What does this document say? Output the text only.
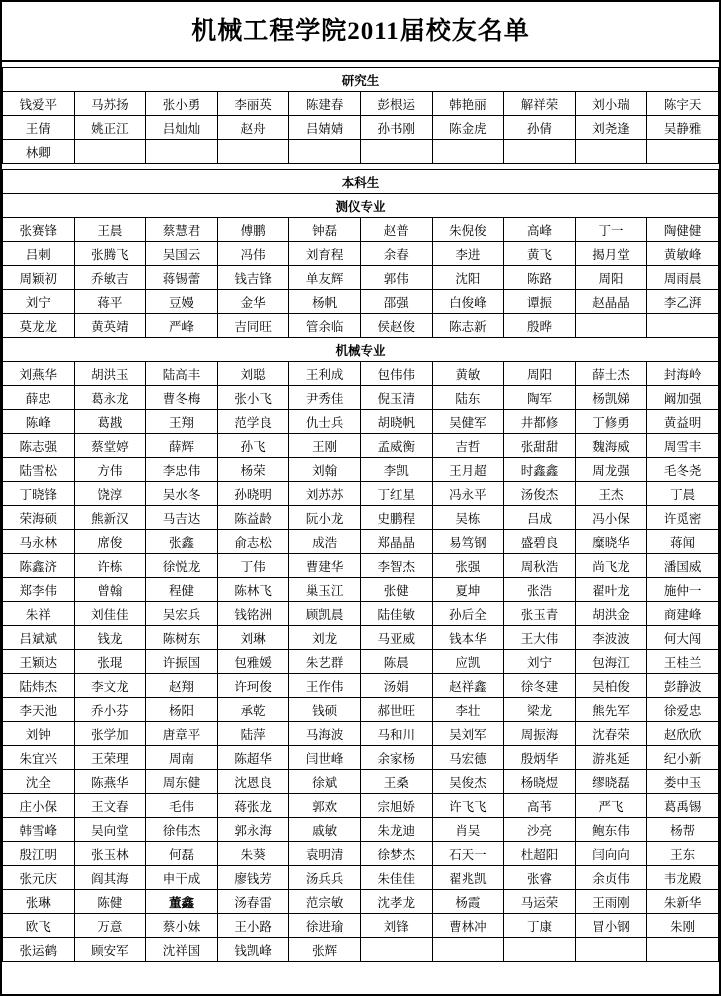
机械工程学院2011届校友名单
研究生									
钱爱平	马苏扬	张小勇	李丽英	陈建春	彭根运	韩艳丽	解祥荣	刘小瑞	陈宇天
王倩	姚正江	吕灿灿	赵舟	吕婧婧	孙书刚	陈金虎	孙倩	刘尧逢	吴静雅
林卿									
本科生									
测仪专业									
张赛锋	王晨	蔡慧君	傅鹏	钟磊	赵普	朱倪俊	高峰	丁一	陶健健
吕刺	张腾飞	吴国云	冯伟	刘育程	余春	李进	黄飞	揭月堂	黄敏峰
周颖初	乔敏吉	蒋锡蕾	钱吉锋	单友辉	郭伟	沈阳	陈路	周阳	周雨晨
刘宁	蒋平	豆嫚	金华	杨帆	邵强	白俊峰	谭振	赵晶晶	李乙湃
莫龙龙	黄英靖	严峰	吉同旺	管余临	侯赵俊	陈志新	殷晔		
机械专业									
刘燕华	胡洪玉	陆高丰	刘聪	王利成	包伟伟	黄敏	周阳	薛士杰	封海岭
薛忠	葛永龙	曹冬梅	张小飞	尹秀佳	倪玉清	陆东	陶军	杨凯娣	阚加强
陈峰	葛戡	王翔	范学良	仇士兵	胡晓帆	吴健军	井都修	丁修勇	黄益明
陈志强	蔡堂婷	薛辉	孙飞	王刚	孟威衡	吉哲	张甜甜	魏海威	周雪丰
陆雪松	方伟	李忠伟	杨荣	刘翰	李凯	王月超	时鑫鑫	周龙强	毛冬尧
丁晓锋	饶淳	吴水冬	孙晓明	刘苏苏	丁红星	冯永平	汤俊杰	王杰	丁晨
荣海硕	熊新汉	马吉达	陈益龄	阮小龙	史鹏程	吴栋	吕成	冯小保	许觅密
马永林	席俊	张鑫	俞志松	成浩	郑晶晶	易笃钢	盛碧良	糜晓华	蒋闻
陈鑫济	许栋	徐悦龙	丁伟	曹建华	李智杰	张强	周秋浩	尚飞龙	潘国威
郑李伟	曾翰	程健	陈林飞	巢玉江	张健	夏坤	张浩	翟叶龙	施仲一
朱祥	刘佳佳	吴宏兵	钱铭洲	顾凯晨	陆佳敏	孙后全	张玉青	胡洪金	商建峰
吕斌斌	钱龙	陈树东	刘琳	刘龙	马亚威	钱本华	王大伟	李波波	何大闯
王颖达	张琨	许振国	包雅媛	朱艺群	陈晨	应凯	刘宁	包海江	王桂兰
陆炜杰	李文龙	赵翔	许珂俊	王作伟	汤娟	赵祥鑫	徐冬建	吴柏俊	彭静波
李天池	乔小芬	杨阳	承乾	钱硕	郝世旺	李壮	梁龙	熊先军	徐爱忠
刘钟	张学加	唐章平	陆萍	马海波	马和川	吴刘军	周振海	沈春荣	赵欣欣
朱宜兴	王荣理	周南	陈超华	闫世峰	余家杨	马宏德	殷炳华	游兆延	纪小新
沈全	陈燕华	周东健	沈恩良	徐斌	王桑	吴俊杰	杨晓煜	缪晓磊	娄中玉
庄小保	王文春	毛伟	蒋张龙	郭欢	宗旭娇	许飞飞	高苇	严飞	葛禹锡
韩雪峰	吴向堂	徐伟杰	郭永海	戚敏	朱龙迪	肖吴	沙亮	鲍东伟	杨帮
殷江明	张玉林	何磊	朱葵	袁明清	徐梦杰	石天一	杜超阳	闫向向	王东
张元庆	阎其海	申干成	廖钱芳	汤兵兵	朱佳佳	翟兆凯	张睿	余贞伟	韦龙殿
张琳	陈健	董鑫	汤春雷	范宗敏	沈孝龙	杨霞	马运荣	王雨刚	朱新华
欧飞	万意	蔡小妹	王小路	徐进瑜	刘锋	曹林冲	丁康	冒小钢	朱刚
张运鹤	顾安军	沈祥国	钱凯峰	张辉					
